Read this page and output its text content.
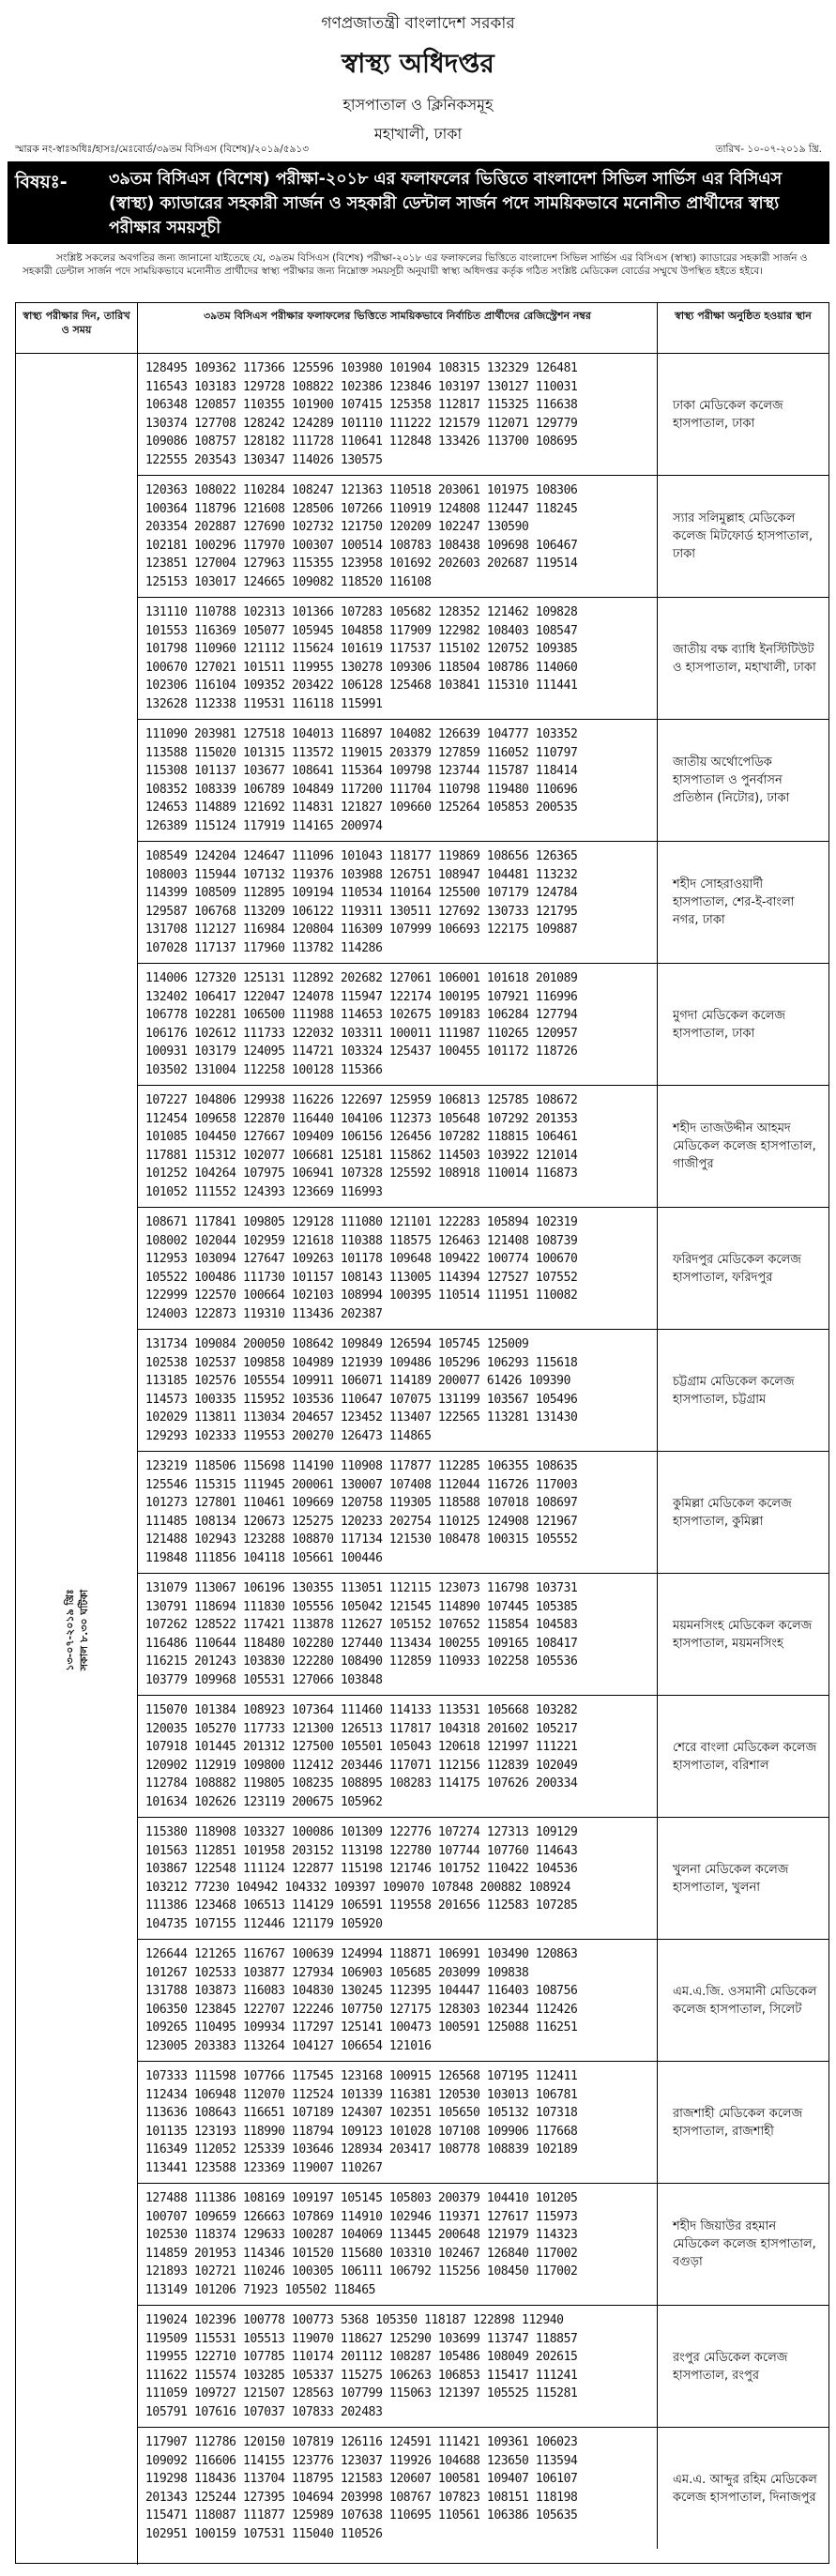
গণপ্রজাতন্ত্রী বাংলাদেশ সরকার
স্বাস্থ্য অধিদপ্তর
হাসপাতাল ও ক্লিনিকসমূহ
মহাখালী, ঢাকা
স্মারক নং-স্বাঃঅধিঃ/হাসঃ/মেঃবোর্ড/৩৯তম বিসিএস (বিশেষ)/২০১৯/৫৯১৩	তারিখ- ১০-০৭-২০১৯ খ্রি.
বিষয়ঃ-	৩৯তম বিসিএস (বিশেষ) পরীক্ষা-২০১৮ এর ফলাফলের ভিত্তিতে বাংলাদেশ সিভিল সার্ভিস এর বিসিএস (স্বাস্থ্য) ক্যাডারের সহকারী সার্জন ও সহকারী ডেন্টাল সার্জন পদে সাময়িকভাবে মনোনীত প্রার্থীদের স্বাস্থ্য পরীক্ষার সময়সূচী

সংশ্লিষ্ট সকলের অবগতির জন্য জানানো যাইতেছে যে, ৩৯তম বিসিএস (বিশেষ) পরীক্ষা-২০১৮ এর ফলাফলের ভিত্তিতে বাংলাদেশ সিভিল সার্ভিস এর বিসিএস (স্বাস্থ্য) ক্যাডারের সহকারী সার্জন ও সহকারী ডেন্টাল সার্জন পদে সাময়িকভাবে মনোনীত প্রার্থীদের স্বাস্থ্য পরীক্ষার জন্য নিম্নোক্ত সময়সূচী অনুযায়ী স্বাস্থ্য অধিদপ্তর কর্তৃক গঠিত সংশ্লিষ্ট মেডিকেল বোর্ডের সম্মুখে উপস্থিত হইতে হইবে।

স্বাস্থ্য পরীক্ষার দিন, তারিখ ও সময়
৩৯তম বিসিএস পরীক্ষার ফলাফলের ভিত্তিতে সাময়িকভাবে নির্বাচিত প্রার্থীদের রেজিস্ট্রেশন নম্বর	স্বাস্থ্য পরীক্ষা অনুষ্ঠিত হওয়ার স্থান
১৩-০৭-২০১৯ খ্রিঃ সকাল ৮.৩০ ঘটিকা
128495 109362 117366 125596 103980 101904 108315 132329 126481
116543 103183 129728 108822 102386 123846 103197 130127 110031
106348 120857 110355 101900 107415 125358 112817 115325 116638
130374 127708 128242 124289 101110 111222 121579 112071 129779
109086 108757 128182 111728 110641 112848 133426 113700 108695
122555 203543 130347 114026 130575
ঢাকা মেডিকেল কলেজ হাসপাতাল, ঢাকা
120363 108022 110284 108247 121363 110518 203061 101975 108306
100364 118796 121608 128506 107266 110919 124808 112447 118245
203354 202887 127690 102732 121750 120209 102247 130590
102181 100296 117970 100307 100514 108783 108438 109698 106467
123851 127004 127963 115355 123958 101692 202603 202687 119514
125153 103017 124665 109082 118520 116108
স্যার সলিমুল্লাহ মেডিকেল কলেজ মিটফোর্ড হাসপাতাল, ঢাকা
131110 110788 102313 101366 107283 105682 128352 121462 109828
101553 116369 105077 105945 104858 117909 122982 108403 108547
101798 110960 121112 115624 101619 117537 115102 120752 109385
100670 127021 101511 119955 130278 109306 118504 108786 114060
102306 116104 109352 203422 106128 125468 103841 115310 111441
132628 112338 119531 116118 115991
জাতীয় বক্ষ ব্যাধি ইনস্টিটিউট ও হাসপাতাল, মহাখালী, ঢাকা
111090 203981 127518 104013 116897 104082 126639 104777 103352
113588 115020 101315 113572 119015 203379 127859 116052 110797
115308 101137 103677 108641 115364 109798 123744 115787 118414
108352 108339 106789 104849 117200 111704 110798 119480 110696
124653 114889 121692 114831 121827 109660 125264 105853 200535
126389 115124 117919 114165 200974
জাতীয় অর্থোপেডিক হাসপাতাল ও পুনর্বাসন প্রতিষ্ঠান (নিটোর), ঢাকা
108549 124204 124647 111096 101043 118177 119869 108656 126365
108003 115944 107132 119376 103988 126751 108947 104481 113232
114399 108509 112895 109194 110534 110164 125500 107179 124784
129587 106768 113209 106122 119311 130511 127692 130733 121795
131708 112127 116984 120804 116309 107999 106693 122175 109887
107028 117137 117960 113782 114286
শহীদ সোহরাওয়ার্দী হাসপাতাল, শের-ই-বাংলা নগর, ঢাকা
114006 127320 125131 112892 202682 127061 106001 101618 201089
132402 106417 122047 124078 115947 122174 100195 107921 116996
106778 102281 106500 111988 114653 102675 109183 106284 127794
106176 102612 111733 122032 103311 100011 111987 110265 120957
100931 103179 124095 114721 103324 125437 100455 101172 118726
103502 131004 112258 100128 115366
মুগদা মেডিকেল কলেজ হাসপাতাল, ঢাকা
107227 104806 129938 116226 122697 125959 106813 125785 108672
112454 109658 122870 116440 104106 112373 105648 107292 201353
101085 104450 127667 109409 106156 126456 107282 118815 106461
117881 115312 102077 106681 125181 115862 114503 103922 121014
101252 104264 107975 106941 107328 125592 108918 110014 116873
101052 111552 124393 123669 116993
শহীদ তাজউদ্দীন আহমদ মেডিকেল কলেজ হাসপাতাল, গাজীপুর
108671 117841 109805 129128 111080 121101 122283 105894 102319
108002 102044 102959 121618 110388 118575 126463 121408 108739
112953 103094 127647 109263 101178 109648 109422 100774 100670
105522 100486 111730 101157 108143 113005 114394 127527 107552
122999 122570 100664 102103 108994 100395 110514 111951 110082
124003 122873 119310 113436 202387
ফরিদপুর মেডিকেল কলেজ হাসপাতাল, ফরিদপুর
131734 109084 200050 108642 109849 126594 105745 125009
102538 102537 109858 104989 121939 109486 105296 106293 115618
113185 102576 105554 109911 106071 114189 200077 61426 109390
114573 100335 115952 103536 110647 107075 131199 103567 105496
102029 113811 113034 204657 123452 113407 122565 113281 131430
129293 102333 119553 200270 126473 114865
চট্টগ্রাম মেডিকেল কলেজ হাসপাতাল, চট্টগ্রাম
123219 118506 115698 114190 110908 117877 112285 106355 108635
125546 115315 111945 200061 130007 107408 112044 116726 117003
101273 127801 110461 109669 120758 119305 118588 107018 108697
111485 108134 120673 125275 120233 202754 110125 124908 121967
121488 102943 123288 108870 117134 121530 108478 100315 105552
119848 111856 104118 105661 100446
কুমিল্লা মেডিকেল কলেজ হাসপাতাল, কুমিল্লা
131079 113067 106196 130355 113051 112115 123073 116798 103731
130791 118694 111830 105556 105042 121545 114890 107445 105385
107262 128522 117421 113878 112627 105152 107652 115854 104583
116486 110644 118480 102280 127440 113434 100255 109165 108417
116215 201243 103830 122280 108490 112859 110933 102258 105536
103779 109968 105531 127066 103848
ময়মনসিংহ মেডিকেল কলেজ হাসপাতাল, ময়মনসিংহ
115070 101384 108923 107364 111460 114133 113531 105668 103282
120035 105270 117733 121300 126513 117817 104318 201602 105217
107918 101445 201312 127500 105501 105043 120618 121997 111221
120902 112919 109800 112412 203446 117071 112156 112839 102049
112784 108882 119805 108235 108895 108283 114175 107626 200334
101634 102626 123119 200675 105962
শেরে বাংলা মেডিকেল কলেজ হাসপাতাল, বরিশাল
115380 118908 103327 100086 101309 122776 107274 127313 109129
101563 112851 101958 203152 113198 122780 107744 107760 114643
103867 122548 111124 122877 115198 121746 101752 110422 104536
103212 77230 104942 104332 109397 109070 107848 200882 108924
111386 123468 106513 114129 106591 119558 201656 112583 107285
104735 107155 112446 121179 105920
খুলনা মেডিকেল কলেজ হাসপাতাল, খুলনা
126644 121265 116767 100639 124994 118871 106991 103490 120863
101267 102533 103877 127934 106903 105685 203099 109838
131788 103873 116083 104830 130245 112395 104447 116403 108756
106350 123845 122707 122246 107750 127175 128303 102344 112426
109265 110495 109934 117297 125141 100473 100591 125088 116251
123005 203383 113264 104127 106654 121016
এম.এ.জি. ওসমানী মেডিকেল কলেজ হাসপাতাল, সিলেট
107333 111598 107766 117545 123168 100915 126568 107195 112411
112434 106948 112070 112524 101339 116381 120530 103013 106781
113636 108643 116651 107189 124307 102351 105650 105132 107318
101135 123193 118990 118794 109123 101028 107108 109906 117668
116349 112052 125339 103646 128934 203417 108778 108839 102189
113441 123588 123369 119007 110267
রাজশাহী মেডিকেল কলেজ হাসপাতাল, রাজশাহী
127488 111386 108169 109197 105145 105803 200379 104410 101205
100707 109659 126663 107869 114910 102946 119371 127617 115973
102530 118374 129633 100287 104069 113445 200648 121979 114323
114859 201953 114346 101520 115680 103310 102467 126840 117002
121893 102721 110246 100305 106111 106792 115256 108450 117002
113149 101206 71923 105502 118465
শহীদ জিয়াউর রহমান মেডিকেল কলেজ হাসপাতাল, বগুড়া
119024 102396 100778 100773 5368 105350 118187 122898 112940
119509 115531 105513 119070 118627 125290 103699 113747 118857
119955 122710 107785 110174 201112 108287 105486 108049 202615
111622 115574 103285 105337 115275 106263 106853 115417 111241
111059 109727 121507 128563 107799 115063 121397 105525 115281
105791 107616 107037 107833 202483
রংপুর মেডিকেল কলেজ হাসপাতাল, রংপুর
117907 112786 120150 107819 126116 124591 111421 109361 106023
109092 116606 114155 123776 123037 119926 104688 123650 113594
119298 118436 113704 118795 121583 120607 100581 109407 106107
201343 125244 127395 104694 203998 108767 107823 108151 118198
115471 118087 111877 125989 107638 110695 110561 106386 105635
102951 100159 107531 115040 110526
এম.এ. আব্দুর রহিম মেডিকেল কলেজ হাসপাতাল, দিনাজপুর
